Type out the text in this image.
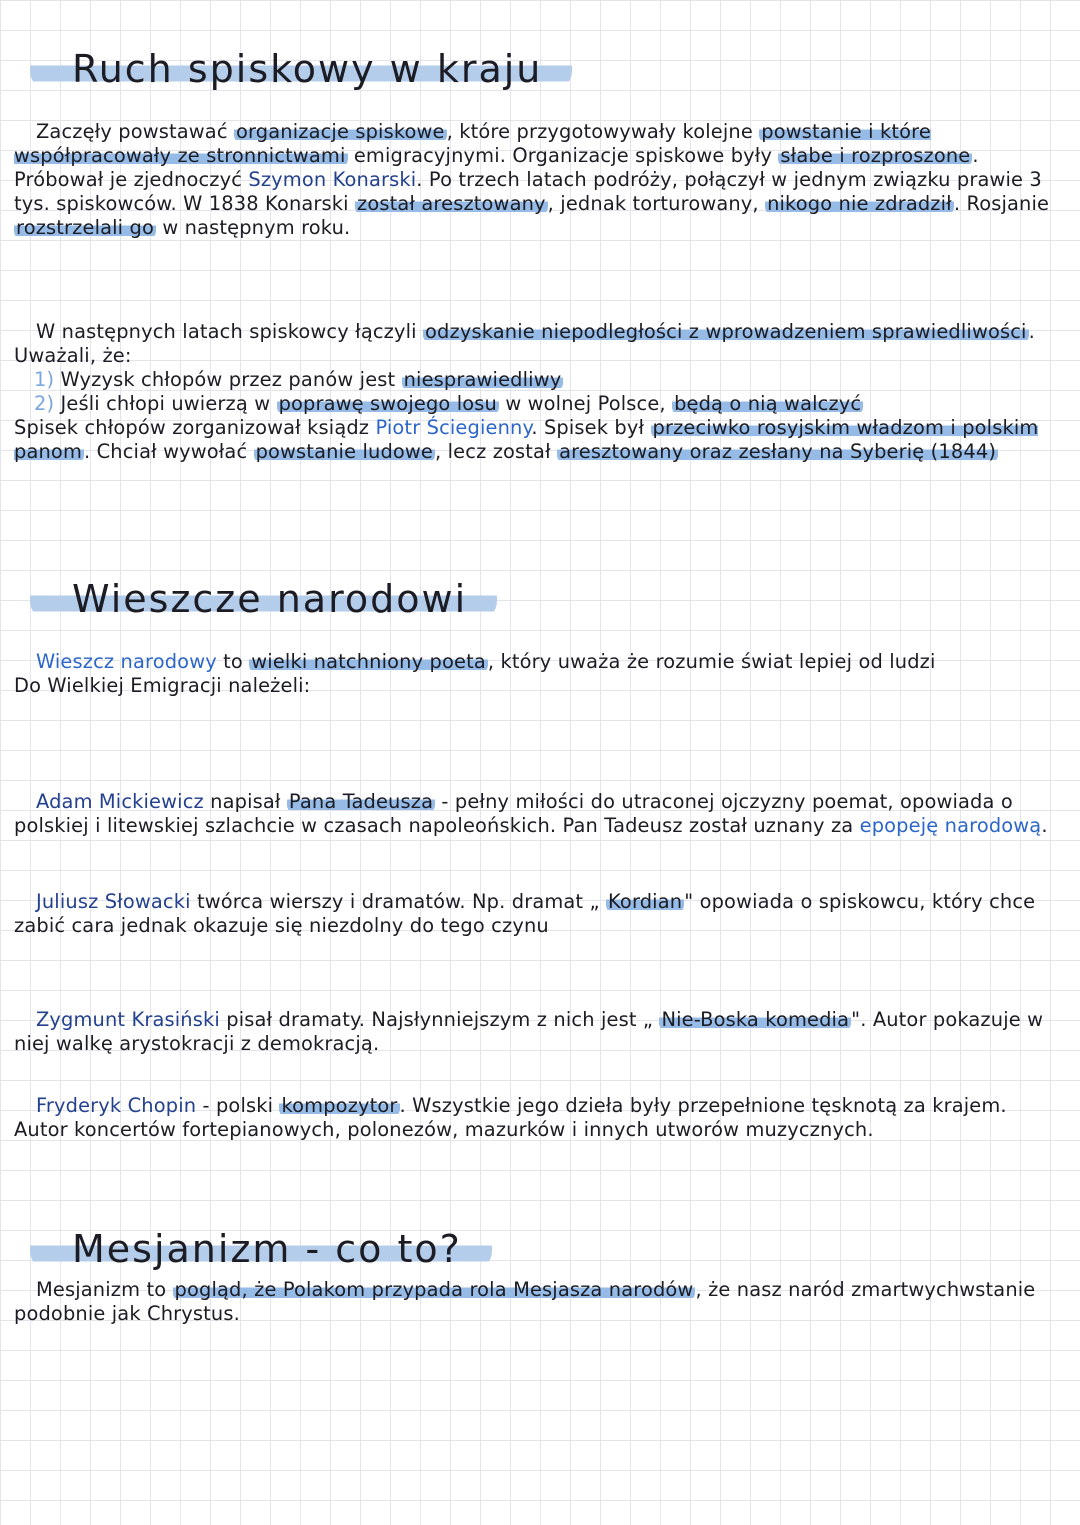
Ruch spiskowy w kraju

Zaczęły powstawać organizacje spiskowe , które przygotowywały kolejne powstanie i które współpracowały ze stronnictwami emigracyjnymi. Organizacje spiskowe były słabe i rozproszone . Próbował je zjednoczyć Szymon Konarski. Po trzech latach podróży, połączył w jednym związku prawie 3 tys. spiskowców. W 1838 Konarski został aresztowany , jednak torturowany, nikogo nie zdradził . Rosjanie rozstrzelali go w następnym roku.

W następnych latach spiskowcy łączyli odzyskanie niepodległości z wprowadzeniem sprawiedliwości . Uważali, że:

1) Wyzysk chłopów przez panów jest niesprawiedliwy

2) Jeśli chłopi uwierzą w poprawę swojego losu w wolnej Polsce, będą o nią walczyć

Spisek chłopów zorganizował ksiądz Piotr Ściegienny. Spisek był przeciwko rosyjskim władzom i polskim panom . Chciał wywołać powstanie ludowe , lecz został aresztowany oraz zesłany na Syberię (1844)

Wieszcze narodowi

Wieszcz narodowy to wielki natchniony poeta , który uważa że rozumie świat lepiej od ludzi

Do Wielkiej Emigracji należeli:

Adam Mickiewicz napisał Pana Tadeusza - pełny miłości do utraconej ojczyzny poemat, opowiada o polskiej i litewskiej szlachcie w czasach napoleońskich. Pan Tadeusz został uznany za epopeję narodową.

Juliusz Słowacki twórca wierszy i dramatów. Np. dramat „ Kordian " opowiada o spiskowcu, który chce zabić cara jednak okazuje się niezdolny do tego czynu

Zygmunt Krasiński pisał dramaty. Najsłynniejszym z nich jest „ Nie-Boska komedia ". Autor pokazuje w niej walkę arystokracji z demokracją.

Fryderyk Chopin - polski kompozytor . Wszystkie jego dzieła były przepełnione tęsknotą za krajem. Autor koncertów fortepianowych, polonezów, mazurków i innych utworów muzycznych.

Mesjanizm - co to?

Mesjanizm to pogląd, że Polakom przypada rola Mesjasza narodów , że nasz naród zmartwychwstanie podobnie jak Chrystus.
